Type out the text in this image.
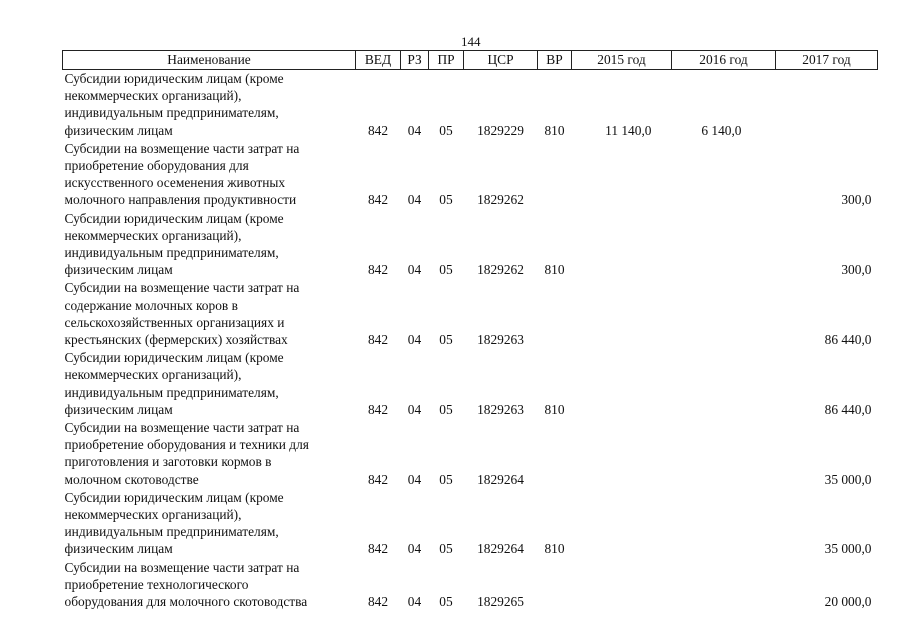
144
Наименование	ВЕД	РЗ	ПР	ЦСР	ВР	2015 год	2016 год	2017 год

Субсидии юридическим лицам (кроме
некоммерческих организаций),
индивидуальным предпринимателям,
физическим лицам	842	04	05	1829229	810	11 140,0	6 140,0	

Субсидии на возмещение части затрат на
приобретение оборудования для
искусственного осеменения животных
молочного направления продуктивности	842	04	05	1829262				300,0

Субсидии юридическим лицам (кроме
некоммерческих организаций),
индивидуальным предпринимателям,
физическим лицам	842	04	05	1829262	810			300,0

Субсидии на возмещение части затрат на
содержание молочных коров в
сельскохозяйственных организациях и
крестьянских (фермерских) хозяйствах	842	04	05	1829263				86 440,0

Субсидии юридическим лицам (кроме
некоммерческих организаций),
индивидуальным предпринимателям,
физическим лицам	842	04	05	1829263	810			86 440,0

Субсидии на возмещение части затрат на
приобретение оборудования и техники для
приготовления и заготовки кормов в
молочном скотоводстве	842	04	05	1829264				35 000,0

Субсидии юридическим лицам (кроме
некоммерческих организаций),
индивидуальным предпринимателям,
физическим лицам	842	04	05	1829264	810			35 000,0

Субсидии на возмещение части затрат на
приобретение технологического
оборудования для молочного скотоводства	842	04	05	1829265				20 000,0
